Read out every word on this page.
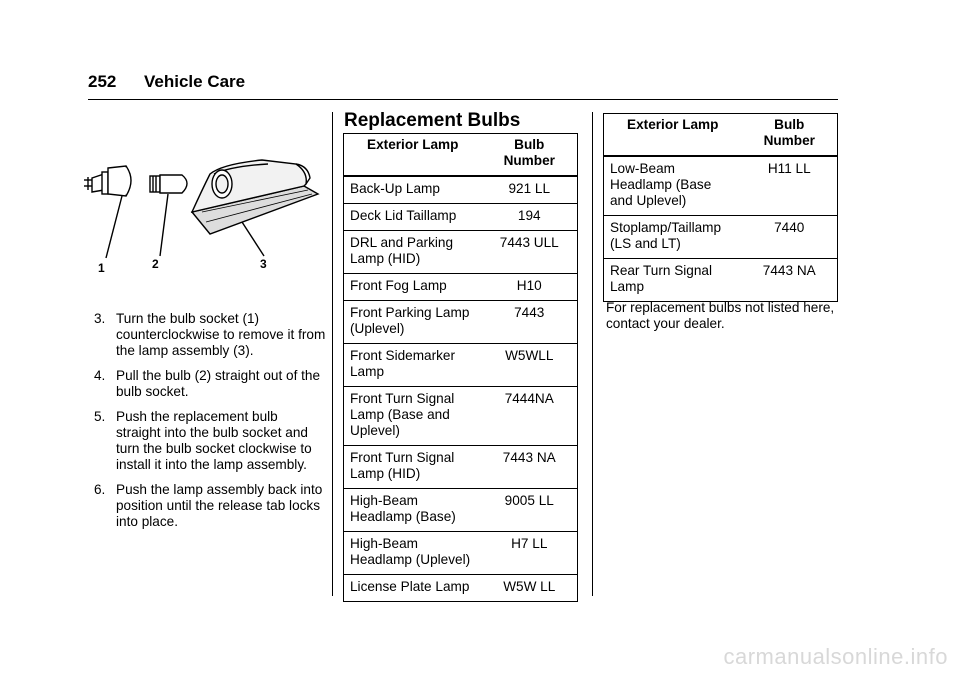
252 Vehicle Care
1	2	3
3. Turn the bulb socket (1) counterclockwise to remove it from the lamp assembly (3).
4. Pull the bulb (2) straight out of the bulb socket.
5. Push the replacement bulb straight into the bulb socket and turn the bulb socket clockwise to install it into the lamp assembly.
6. Push the lamp assembly back into position until the release tab locks into place.
Replacement Bulbs
Exterior Lamp	Bulb Number
Back-Up Lamp	921 LL
Deck Lid Taillamp	194
DRL and Parking Lamp (HID)	7443 ULL
Front Fog Lamp	H10
Front Parking Lamp (Uplevel)	7443
Front Sidemarker Lamp	W5WLL
Front Turn Signal Lamp (Base and Uplevel)	7444NA
Front Turn Signal Lamp (HID)	7443 NA
High-Beam Headlamp (Base)	9005 LL
High-Beam Headlamp (Uplevel)	H7 LL
License Plate Lamp	W5W LL
Exterior Lamp	Bulb Number
Low-Beam Headlamp (Base and Uplevel)	H11 LL
Stoplamp/Taillamp (LS and LT)	7440
Rear Turn Signal Lamp	7443 NA
For replacement bulbs not listed here, contact your dealer.
carmanualsonline.info
